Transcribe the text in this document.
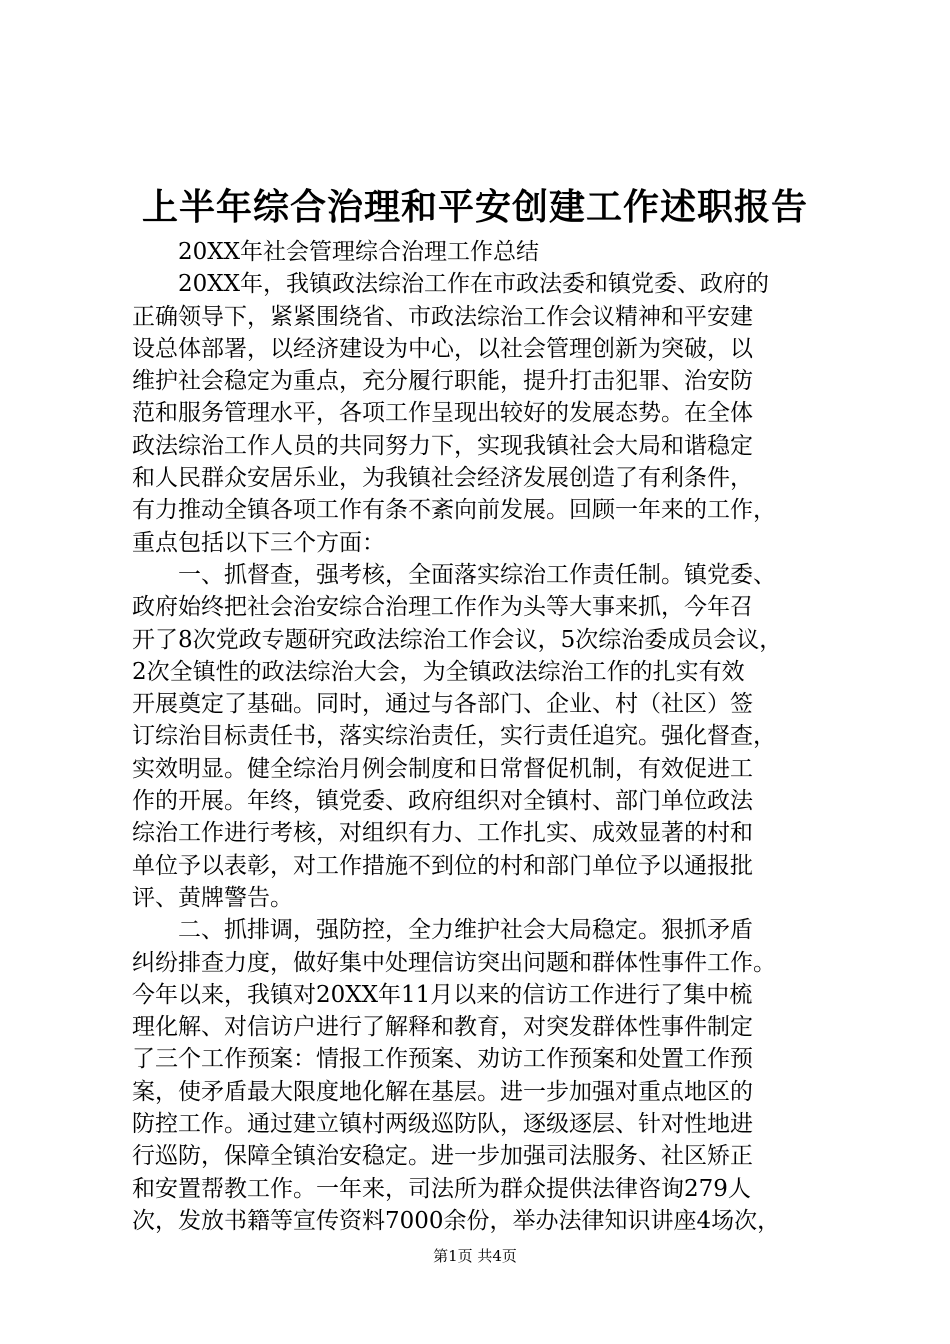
上半年综合治理和平安创建工作述职报告
20XX年社会管理综合治理工作总结
20XX年，我镇政法综治工作在市政法委和镇党委、政府的
正确领导下，紧紧围绕省、市政法综治工作会议精神和平安建
设总体部署，以经济建设为中心，以社会管理创新为突破，以
维护社会稳定为重点，充分履行职能，提升打击犯罪、治安防
范和服务管理水平，各项工作呈现出较好的发展态势。在全体
政法综治工作人员的共同努力下，实现我镇社会大局和谐稳定
和人民群众安居乐业，为我镇社会经济发展创造了有利条件，
有力推动全镇各项工作有条不紊向前发展。回顾一年来的工作，
重点包括以下三个方面：
一、抓督查，强考核，全面落实综治工作责任制。镇党委、
政府始终把社会治安综合治理工作作为头等大事来抓，今年召
开了8次党政专题研究政法综治工作会议，5次综治委成员会议，
2次全镇性的政法综治大会，为全镇政法综治工作的扎实有效
开展奠定了基础。同时，通过与各部门、企业、村（社区）签
订综治目标责任书，落实综治责任，实行责任追究。强化督查，
实效明显。健全综治月例会制度和日常督促机制，有效促进工
作的开展。年终，镇党委、政府组织对全镇村、部门单位政法
综治工作进行考核，对组织有力、工作扎实、成效显著的村和
单位予以表彰，对工作措施不到位的村和部门单位予以通报批
评、黄牌警告。
二、抓排调，强防控，全力维护社会大局稳定。狠抓矛盾
纠纷排查力度，做好集中处理信访突出问题和群体性事件工作。
今年以来，我镇对20XX年11月以来的信访工作进行了集中梳
理化解、对信访户进行了解释和教育，对突发群体性事件制定
了三个工作预案：情报工作预案、劝访工作预案和处置工作预
案，使矛盾最大限度地化解在基层。进一步加强对重点地区的
防控工作。通过建立镇村两级巡防队，逐级逐层、针对性地进
行巡防，保障全镇治安稳定。进一步加强司法服务、社区矫正
和安置帮教工作。一年来，司法所为群众提供法律咨询279人
次，发放书籍等宣传资料7000余份，举办法律知识讲座4场次，
第1页 共4页
